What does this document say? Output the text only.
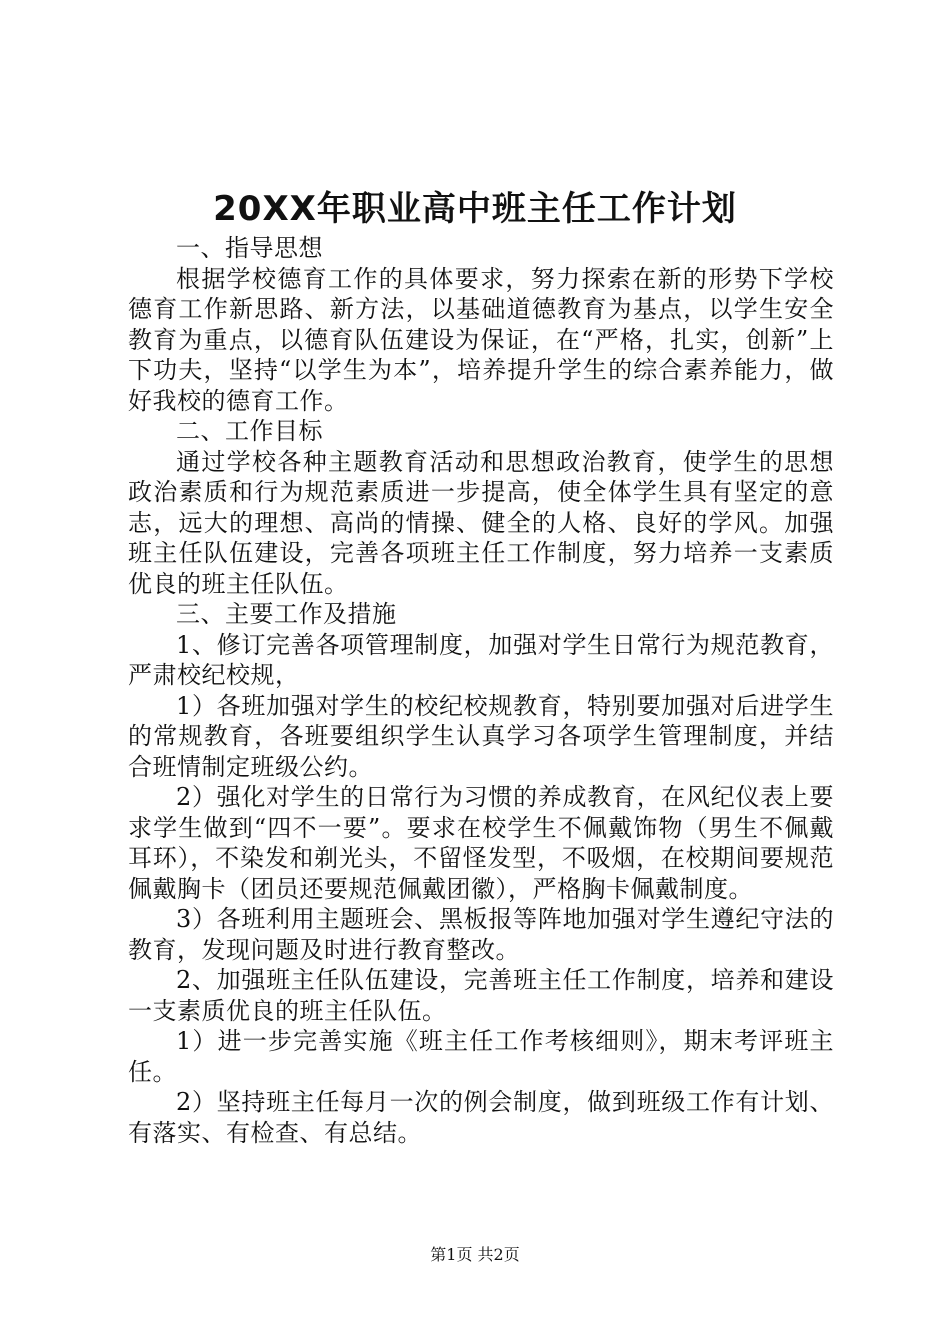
20XX年职业高中班主任工作计划

一、指导思想

根据学校德育工作的具体要求，努力探索在新的形势下学校德育工作新思路、新方法，以基础道德教育为基点，以学生安全教育为重点，以德育队伍建设为保证，在“严格，扎实，创新”上下功夫，坚持“以学生为本”，培养提升学生的综合素养能力，做好我校的德育工作。

二、工作目标

通过学校各种主题教育活动和思想政治教育，使学生的思想政治素质和行为规范素质进一步提高，使全体学生具有坚定的意志，远大的理想、高尚的情操、健全的人格、良好的学风。加强班主任队伍建设，完善各项班主任工作制度，努力培养一支素质优良的班主任队伍。

三、主要工作及措施

1、修订完善各项管理制度，加强对学生日常行为规范教育，严肃校纪校规，

1）各班加强对学生的校纪校规教育，特别要加强对后进学生的常规教育，各班要组织学生认真学习各项学生管理制度，并结合班情制定班级公约。

2）强化对学生的日常行为习惯的养成教育，在风纪仪表上要求学生做到“四不一要”。要求在校学生不佩戴饰物（男生不佩戴耳环），不染发和剃光头，不留怪发型，不吸烟，在校期间要规范佩戴胸卡（团员还要规范佩戴团徽），严格胸卡佩戴制度。

3）各班利用主题班会、黑板报等阵地加强对学生遵纪守法的教育，发现问题及时进行教育整改。

2、加强班主任队伍建设，完善班主任工作制度，培养和建设一支素质优良的班主任队伍。

1）进一步完善实施《班主任工作考核细则》，期末考评班主任。

2）坚持班主任每月一次的例会制度，做到班级工作有计划、有落实、有检查、有总结。

第1页 共2页
